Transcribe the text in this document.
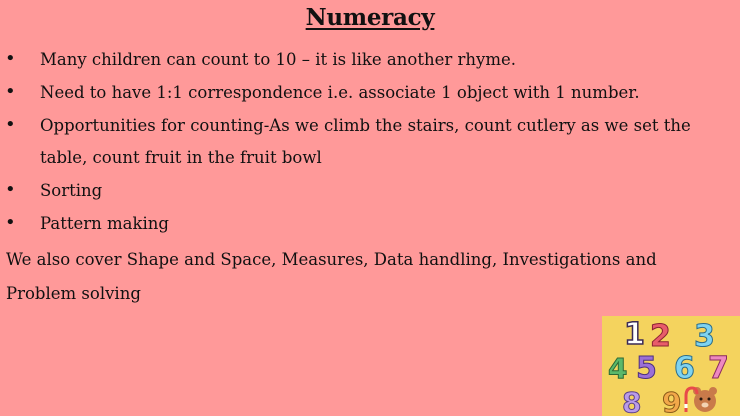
Numeracy
• Many children can count to 10 – it is like another rhyme.
• Need to have 1:1 correspondence i.e. associate 1 object with 1 number.
• Opportunities for counting-As we climb the stairs, count cutlery as we set the table, count fruit in the fruit bowl
• Sorting
• Pattern making
We also cover Shape and Space, Measures, Data handling, Investigations and Problem solving
1 2 3
4 5 6 7
8 9
